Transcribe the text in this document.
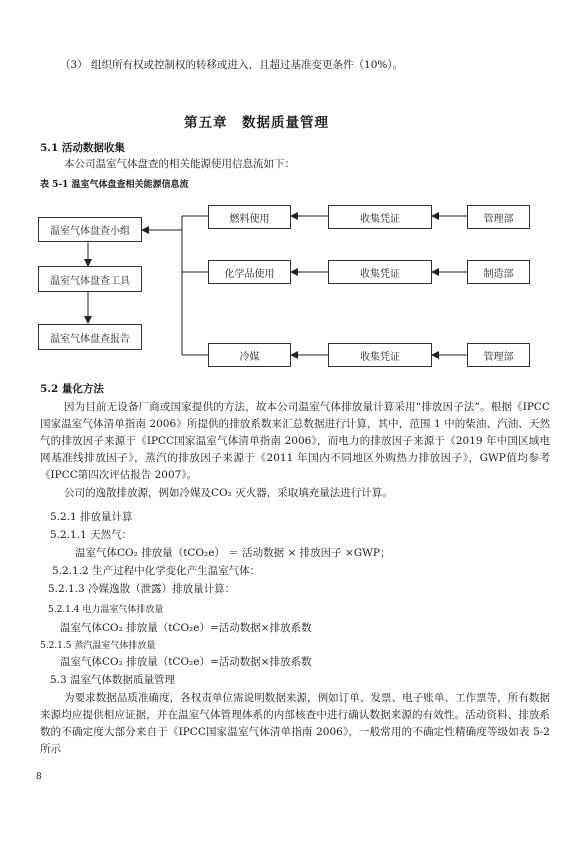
（3） 组织所有权或控制权的转移或进入，且超过基准变更条件（10%）。
第五章　数据质量管理
5.1 活动数据收集
本公司温室气体盘查的相关能源使用信息流如下：
表 5-1 温室气体盘查相关能源信息流
温室气体盘查小组
温室气体盘查工具
温室气体盘查报告
燃料使用	收集凭证	管理部
化学品使用	收集凭证	制造部
冷媒	收集凭证	管理部
5.2 量化方法
因为目前无设备厂商或国家提供的方法，故本公司温室气体排放量计算采用“排放因子法”。根据《IPCC国家温室气体清单指南 2006》所提供的排放系数来汇总数据进行计算，其中，范围 1 中的柴油、汽油、天然气的排放因子来源于《IPCC国家温室气体清单指南 2006》，而电力的排放因子来源于《2019 年中国区域电网基准线排放因子》，蒸汽的排放因子来源于《2011 年国内不同地区外购热力排放因子》，GWP值均参考《IPCC第四次评估报告 2007》。
公司的逸散排放源，例如冷媒及CO₂ 灭火器，采取填充量法进行计算。
5.2.1 排放量计算
5.2.1.1 天然气：
温室气体CO₂ 排放量（tCO₂e） ＝ 活动数据 × 排放因子 ×GWP；
5.2.1.2 生产过程中化学变化产生温室气体：
5.2.1.3 冷媒逸散（泄露）排放量计算：
5.2.1.4 电力温室气体排放量
温室气体CO₂ 排放量（tCO₂e）=活动数据×排放系数
5.2.1.5 蒸汽温室气体排放量
温室气体CO₂ 排放量（tCO₂e）=活动数据×排放系数
5.3 温室气体数据质量管理
为要求数据品质准确度，各权责单位需说明数据来源，例如订单、发票、电子账单、工作票等，所有数据来源均应提供相应证据，并在温室气体管理体系的内部核查中进行确认数据来源的有效性。活动资料、排放系数的不确定度大部分来自于《IPCC国家温室气体清单指南 2006》，一般常用的不确定性精确度等级如表 5-2 所示
8
